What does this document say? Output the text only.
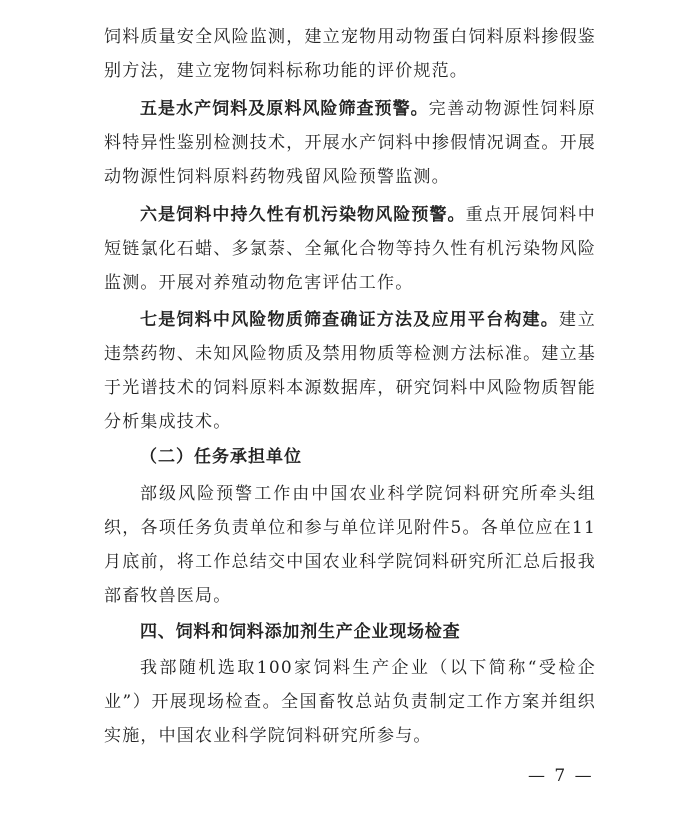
饲料质量安全风险监测，建立宠物用动物蛋白饲料原料掺假鉴别方法，建立宠物饲料标称功能的评价规范。

五是水产饲料及原料风险筛查预警。完善动物源性饲料原料特异性鉴别检测技术，开展水产饲料中掺假情况调查。开展动物源性饲料原料药物残留风险预警监测。

六是饲料中持久性有机污染物风险预警。重点开展饲料中短链氯化石蜡、多氯萘、全氟化合物等持久性有机污染物风险监测。开展对养殖动物危害评估工作。

七是饲料中风险物质筛查确证方法及应用平台构建。建立违禁药物、未知风险物质及禁用物质等检测方法标准。建立基于光谱技术的饲料原料本源数据库，研究饲料中风险物质智能分析集成技术。

（二）任务承担单位

部级风险预警工作由中国农业科学院饲料研究所牵头组织，各项任务负责单位和参与单位详见附件5。各单位应在11月底前，将工作总结交中国农业科学院饲料研究所汇总后报我部畜牧兽医局。

四、饲料和饲料添加剂生产企业现场检查

我部随机选取100家饲料生产企业（以下简称“受检企业”）开展现场检查。全国畜牧总站负责制定工作方案并组织实施，中国农业科学院饲料研究所参与。

— 7 —
